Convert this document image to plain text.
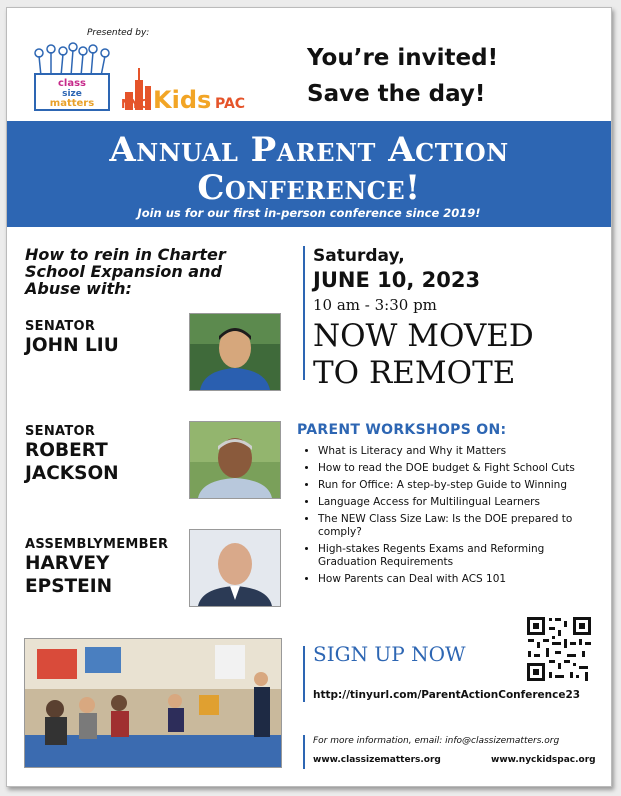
Presented by:
class
size
matters NYC Kids PAC
You’re invited!
Save the day!
Annual Parent Action
Conference!
Join us for our first in-person conference since 2019!
How to rein in Charter School Expansion and Abuse with:
SENATOR
JOHN LIU
SENATOR
ROBERT
JACKSON
ASSEMBLYMEMBER
HARVEY
EPSTEIN
Saturday,
JUNE 10, 2023
10 am - 3:30 pm
NOW MOVED
TO REMOTE
PARENT WORKSHOPS ON:
• What is Literacy and Why it Matters
• How to read the DOE budget & Fight School Cuts
• Run for Office: A step-by-step Guide to Winning
• Language Access for Multilingual Learners
• The NEW Class Size Law: Is the DOE prepared to comply?
• High-stakes Regents Exams and Reforming Graduation Requirements
• How Parents can Deal with ACS 101
SIGN UP NOW
http://tinyurl.com/ParentActionConference23
For more information, email: info@classizematters.org
www.classizematters.org	www.nyckidspac.org
